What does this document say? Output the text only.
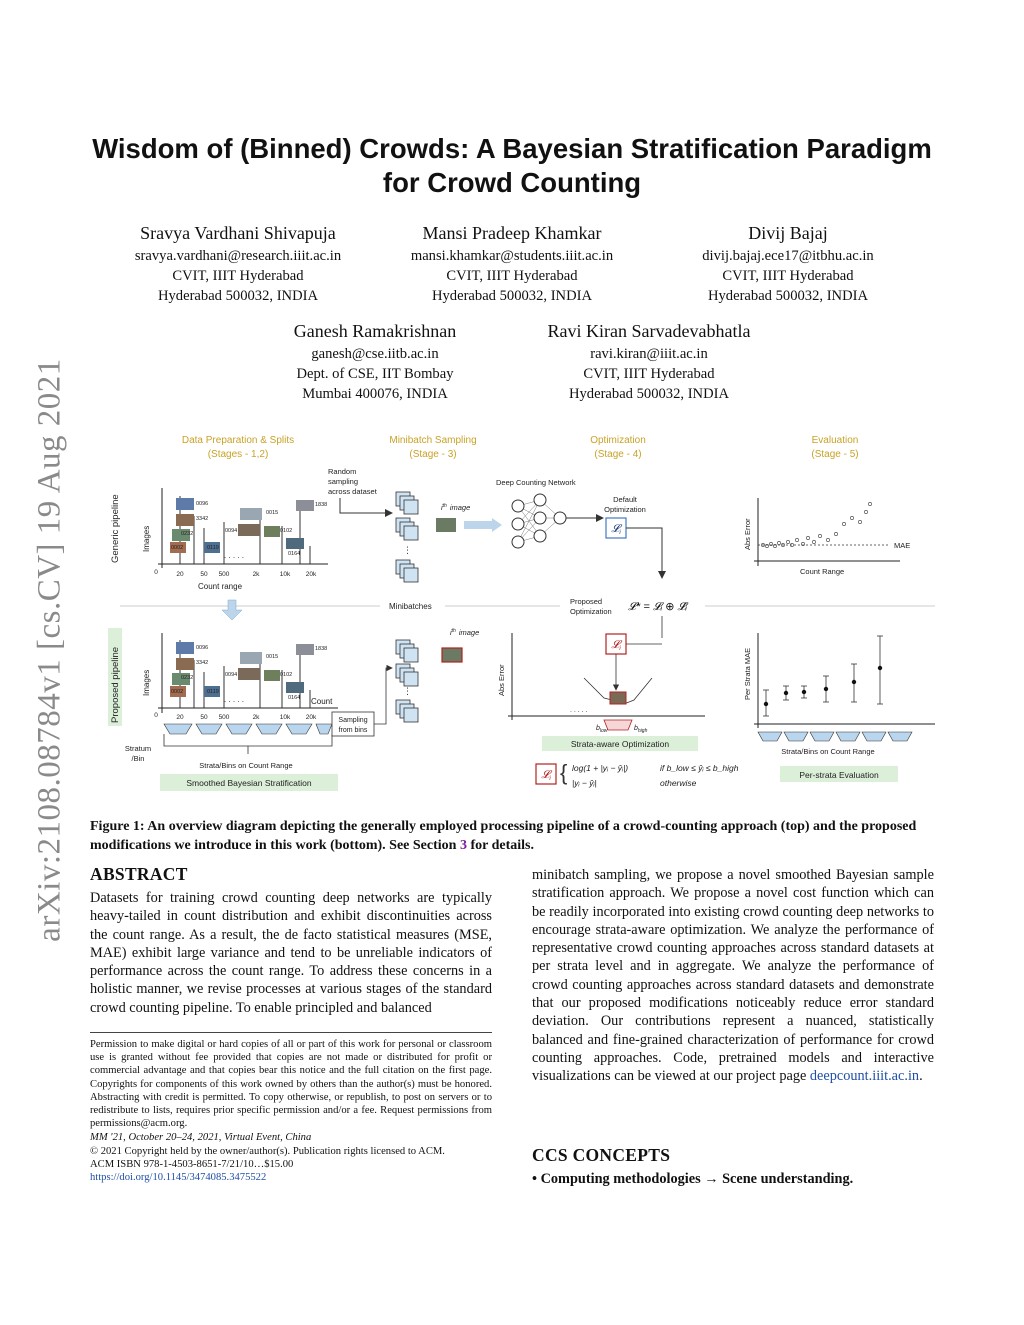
arXiv:2108.08784v1 [cs.CV] 19 Aug 2021
Wisdom of (Binned) Crowds: A Bayesian Stratification Paradigm
for Crowd Counting
Sravya Vardhani Shivapuja
sravya.vardhani@research.iiit.ac.in
CVIT, IIIT Hyderabad
Hyderabad 500032, INDIA
Mansi Pradeep Khamkar
mansi.khamkar@students.iiit.ac.in
CVIT, IIIT Hyderabad
Hyderabad 500032, INDIA
Divij Bajaj
divij.bajaj.ece17@itbhu.ac.in
CVIT, IIIT Hyderabad
Hyderabad 500032, INDIA
Ganesh Ramakrishnan
ganesh@cse.iitb.ac.in
Dept. of CSE, IIT Bombay
Mumbai 400076, INDIA
Ravi Kiran Sarvadevabhatla
ravi.kiran@iiit.ac.in
CVIT, IIIT Hyderabad
Hyderabad 500032, INDIA
Data Preparation & Splits
(Stages - 1,2)
Minibatch Sampling
(Stage - 3)
Optimization
(Stage - 4)
Evaluation
(Stage - 5)
Generic pipeline	Images
0096
3342
0232
0002	0119
0094
0015
1838
0102
0164
. . . . .
0	20	50 500	2k	10k 20k
Count range
Random
sampling
across dataset
⋮
$i^{th}$ image
Deep Counting Network
Default
Optimization
𝓛i	Abs Error	MAE
Count Range
Minibatches
Proposed
Optimization 𝓛* = 𝓛ᵢ ⊕ 𝓛̂ᵢ
Proposed pipeline	Images
0096
3342
0232
0002	0119
0094
0015
1838
0102
0164
. . . . .	Count
0	20	50 500	2k	10k 20k
Stratum
/Bin
Strata/Bins on Count Range
Smoothed Bayesian Stratification
Sampling
from bins
⋮
$i^{th}$ image
Abs Error
. . . . .
𝓛i
$b_{low}$	$b_{high}$
Strata-aware Optimization
𝓛i { log(1 + |yᵢ − ŷᵢ|)
|yᵢ − ŷᵢ|
if b_low ≤ ŷᵢ ≤ b_high
otherwise
Per Strata MAE
Strata/Bins on Count Range
Per-strata Evaluation
Figure 1: An overview diagram depicting the generally employed processing pipeline of a crowd-counting approach (top) and the proposed modifications we introduce in this work (bottom). See Section 3 for details.
ABSTRACT
Datasets for training crowd counting deep networks are typically heavy-tailed in count distribution and exhibit discontinuities across the count range. As a result, the de facto statistical measures (MSE, MAE) exhibit large variance and tend to be unreliable indicators of performance across the count range. To address these concerns in a holistic manner, we revise processes at various stages of the standard crowd counting pipeline. To enable principled and balanced
minibatch sampling, we propose a novel smoothed Bayesian sample stratification approach. We propose a novel cost function which can be readily incorporated into existing crowd counting deep networks to encourage strata-aware optimization. We analyze the performance of representative crowd counting approaches across standard datasets at per strata level and in aggregate. We analyze the performance of crowd counting approaches across standard datasets and demonstrate that our proposed modifications noticeably reduce error standard deviation. Our contributions represent a nuanced, statistically balanced and fine-grained characterization of performance for crowd counting approaches. Code, pretrained models and interactive visualizations can be viewed at our project page deepcount.iiit.ac.in.
Permission to make digital or hard copies of all or part of this work for personal or classroom use is granted without fee provided that copies are not made or distributed for profit or commercial advantage and that copies bear this notice and the full citation on the first page. Copyrights for components of this work owned by others than the author(s) must be honored. Abstracting with credit is permitted. To copy otherwise, or republish, to post on servers or to redistribute to lists, requires prior specific permission and/or a fee. Request permissions from permissions@acm.org.
MM '21, October 20–24, 2021, Virtual Event, China
© 2021 Copyright held by the owner/author(s). Publication rights licensed to ACM.
ACM ISBN 978-1-4503-8651-7/21/10…$15.00
https://doi.org/10.1145/3474085.3475522
CCS CONCEPTS
• Computing methodologies → Scene understanding.
